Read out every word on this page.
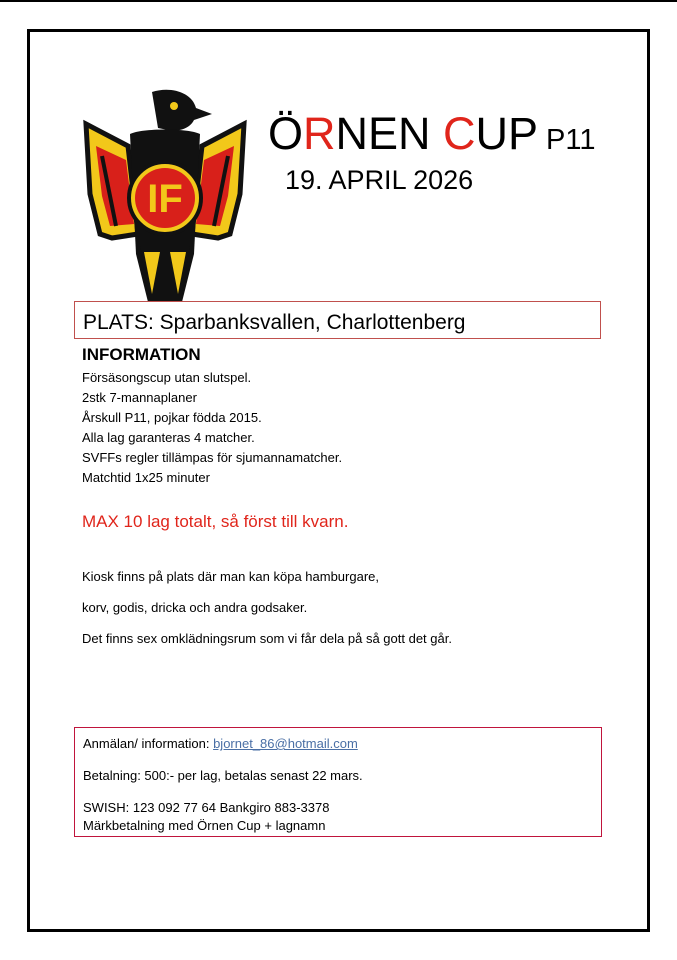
IF
ÖRNEN CUP P11
19. APRIL 2026
PLATS: Sparbanksvallen, Charlottenberg
INFORMATION
Försäsongscup utan slutspel.
2stk 7-mannaplaner
Årskull P11, pojkar födda 2015.
Alla lag garanteras 4 matcher.
SVFFs regler tillämpas för sjumannamatcher.
Matchtid 1x25 minuter
MAX 10 lag totalt, så först till kvarn.
Kiosk finns på plats där man kan köpa hamburgare,
korv, godis, dricka och andra godsaker.
Det finns sex omklädningsrum som vi får dela på så gott det går.
Anmälan/ information: bjornet_86@hotmail.com
Betalning: 500:- per lag, betalas senast 22 mars.
SWISH: 123 092 77 64 Bankgiro 883-3378
Märkbetalning med Örnen Cup + lagnamn
